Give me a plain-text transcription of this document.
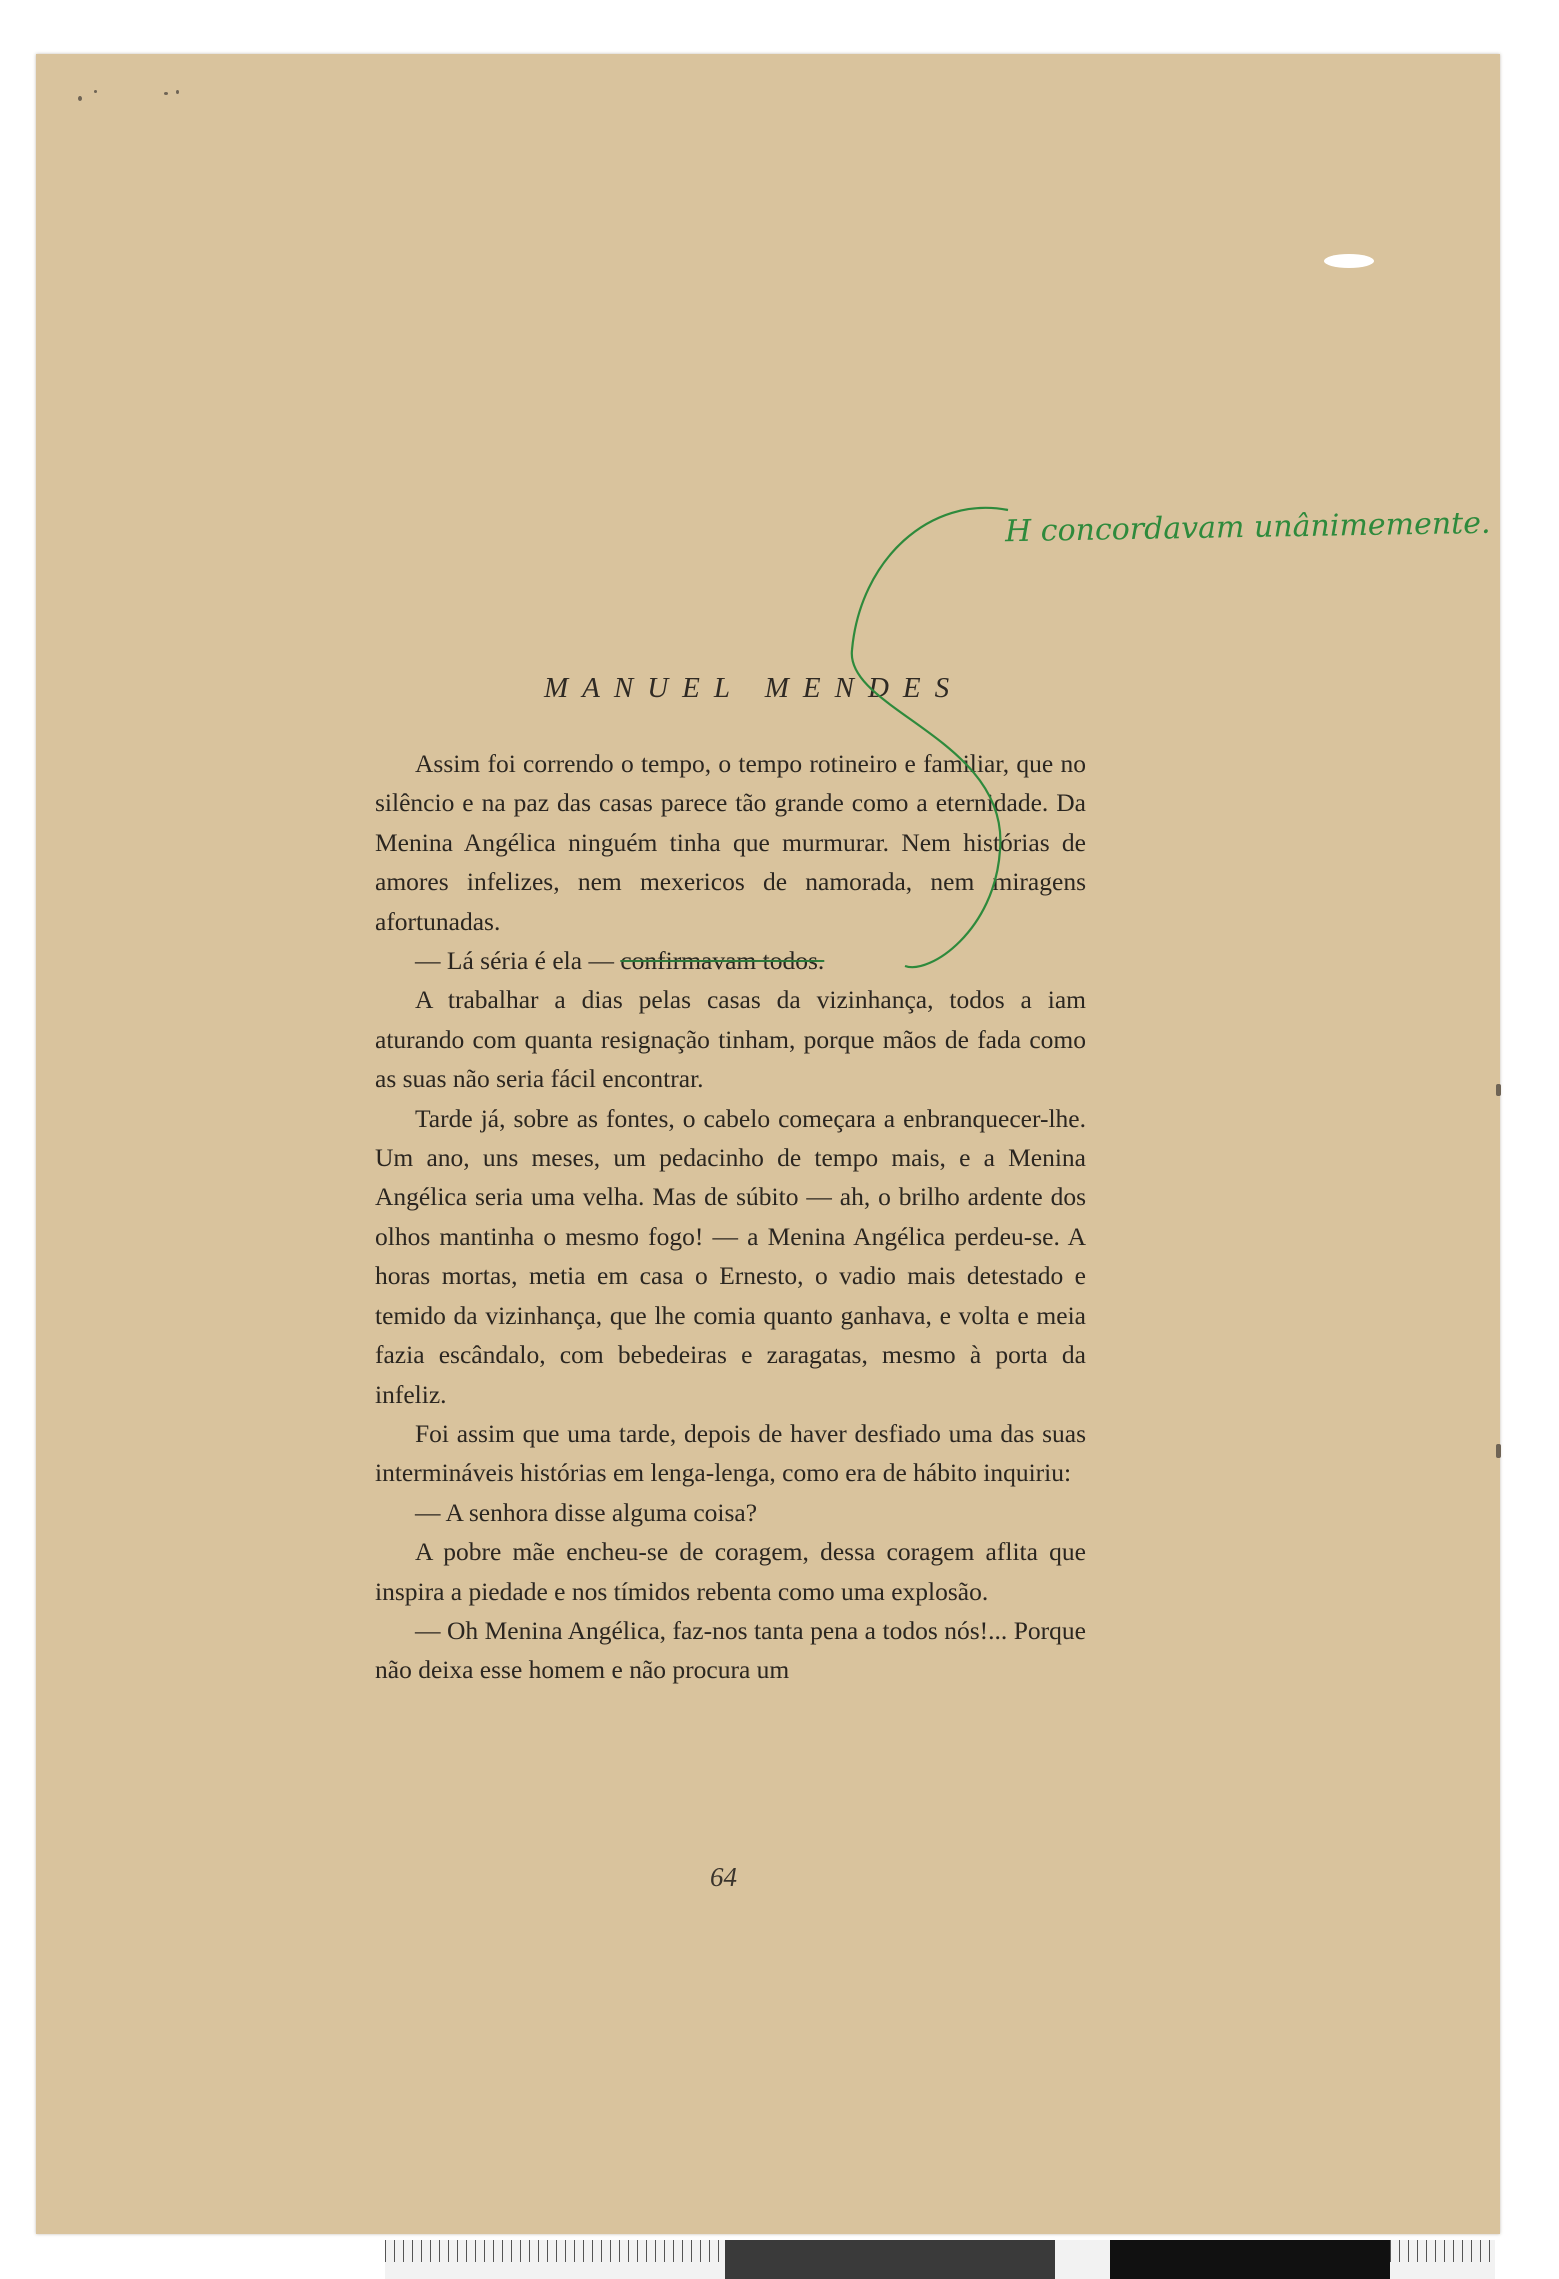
MANUEL MENDES

Assim foi correndo o tempo, o tempo rotineiro e familiar, que no silêncio e na paz das casas parece tão grande como a eternidade. Da Menina Angélica ninguém tinha que murmurar. Nem histórias de amores infelizes, nem mexericos de namorada, nem miragens afortunadas.

— Lá séria é ela — confirmavam todos.

A trabalhar a dias pelas casas da vizinhança, todos a iam aturando com quanta resignação tinham, porque mãos de fada como as suas não seria fácil encontrar.

Tarde já, sobre as fontes, o cabelo começara a enbranquecer-lhe. Um ano, uns meses, um pedacinho de tempo mais, e a Menina Angélica seria uma velha. Mas de súbito — ah, o brilho ardente dos olhos mantinha o mesmo fogo! — a Menina Angélica perdeu-se. A horas mortas, metia em casa o Ernesto, o vadio mais detestado e temido da vizinhança, que lhe comia quanto ganhava, e volta e meia fazia escândalo, com bebedeiras e zaragatas, mesmo à porta da infeliz.

Foi assim que uma tarde, depois de haver desfiado uma das suas intermináveis histórias em lenga-lenga, como era de hábito inquiriu:

— A senhora disse alguma coisa?

A pobre mãe encheu-se de coragem, dessa coragem aflita que inspira a piedade e nos tímidos rebenta como uma explosão.

— Oh Menina Angélica, faz-nos tanta pena a todos nós!... Porque não deixa esse homem e não procura um

64
H concordavam unânimemente.
